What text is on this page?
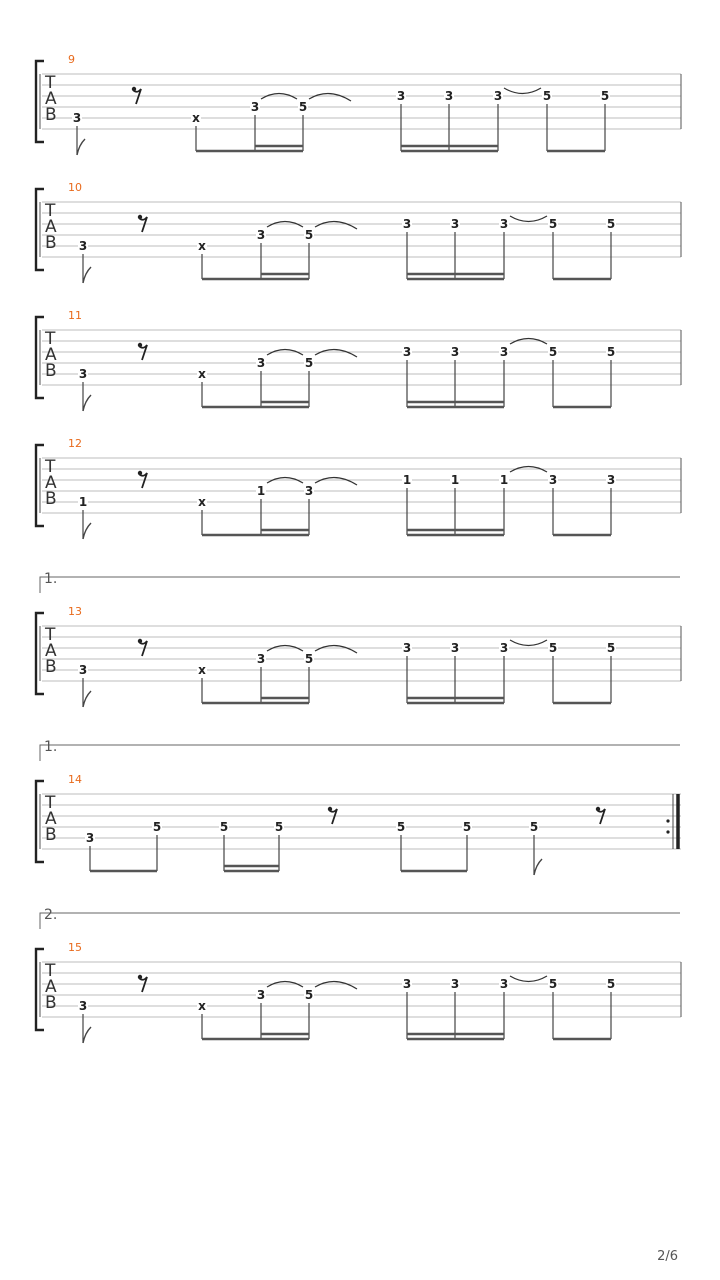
T
A
B
9
3	x
3	5
3	3	3	5	5
T
A
B
10
3	x
3	5
3	3	3	5	5
T
A
B
11
3	x
3	5
3	3	3	5	5
T
A
B
12
1	x
1	3
1	1	1	3	3
1.
T
A
B
13
3	x
3	5
3	3	3	5	5
1.
T
A
B
14
3
5	5	5	5	5	5
2.
T
A
B
15
3	x
3	5
3	3	3	5	5
2/6
